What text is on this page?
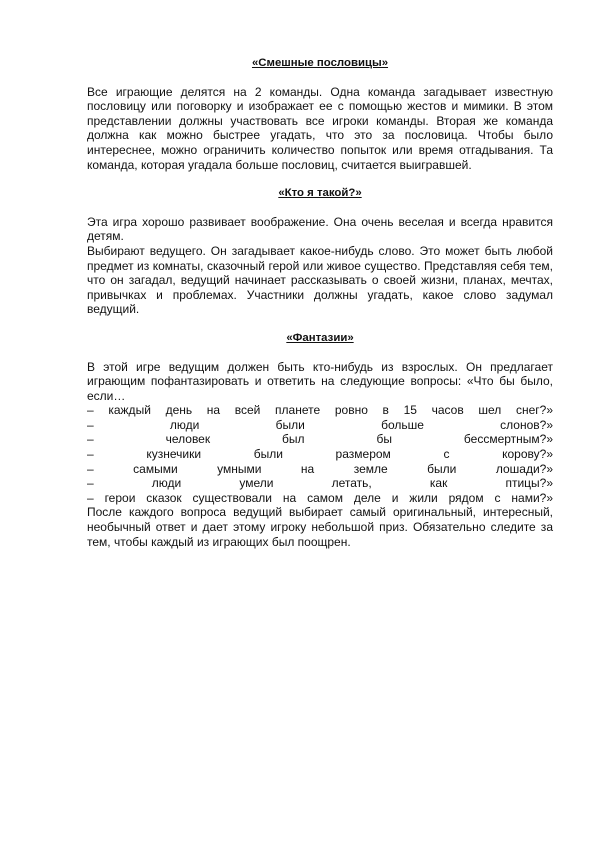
«Смешные пословицы»

Все играющие делятся на 2 команды. Одна команда загадывает известную пословицу или поговорку и изображает ее с помощью жестов и мимики. В этом представлении должны участвовать все игроки команды. Вторая же команда должна как можно быстрее угадать, что это за пословица. Чтобы было интереснее, можно ограничить количество попыток или время отгадывания. Та команда, которая угадала больше пословиц, считается выигравшей.

«Кто я такой?»

Эта игра хорошо развивает воображение. Она очень веселая и всегда нравится детям.

Выбирают ведущего. Он загадывает какое-нибудь слово. Это может быть любой предмет из комнаты, сказочный герой или живое существо. Представляя себя тем, что он загадал, ведущий начинает рассказывать о своей жизни, планах, мечтах, привычках и проблемах. Участники должны угадать, какое слово задумал ведущий.

«Фантазии»

В этой игре ведущим должен быть кто-нибудь из взрослых. Он предлагает играющим пофантазировать и ответить на следующие вопросы: «Что бы было, если…

– каждый день на всей планете ровно в 15 часов шел снег?»

– люди были больше слонов?»

– человек был бы бессмертным?»

– кузнечики были размером с корову?»

– самыми умными на земле были лошади?»

– люди умели летать, как птицы?»

– герои сказок существовали на самом деле и жили рядом с нами?»

После каждого вопроса ведущий выбирает самый оригинальный, интересный, необычный ответ и дает этому игроку небольшой приз. Обязательно следите за тем, чтобы каждый из играющих был поощрен.
